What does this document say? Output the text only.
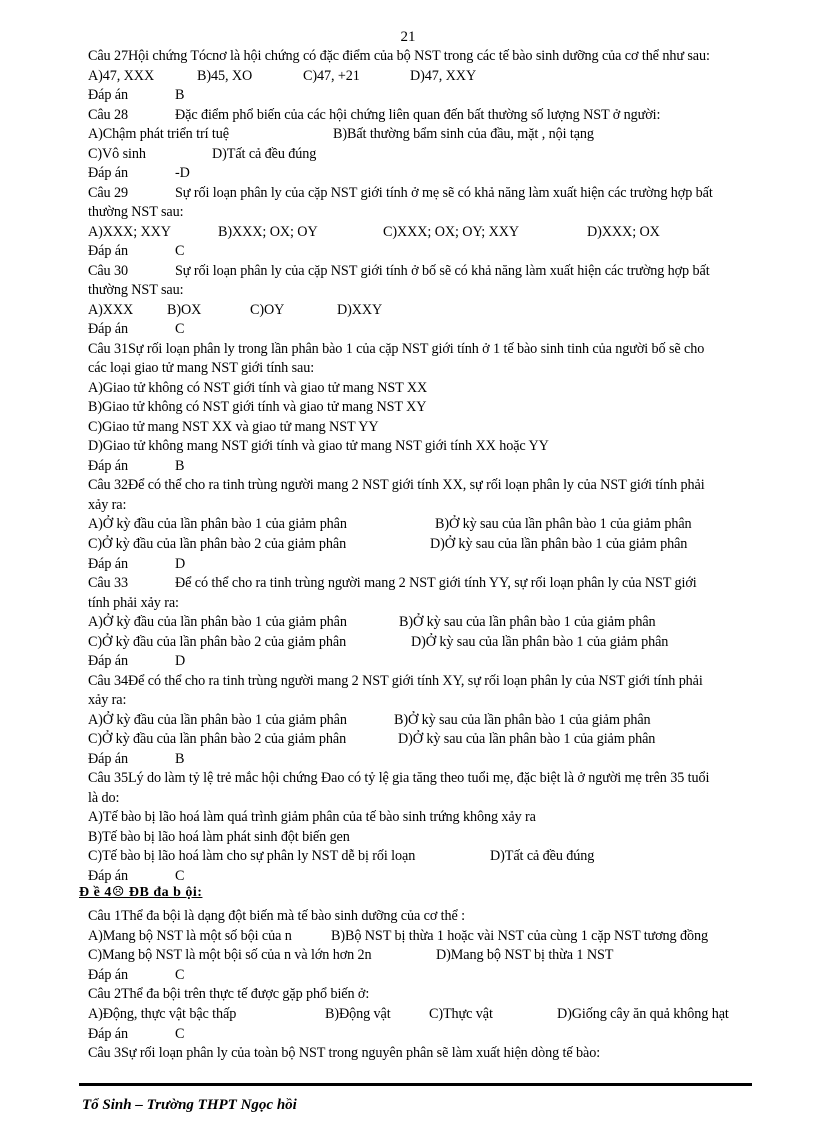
21
Câu 27Hội chứng Tócnơ là hội chứng có đặc điểm của bộ NST trong các tế bào sinh dưỡng của cơ thể như sau:
A)47, XXX	B)45, XO	C)47, +21	D)47, XXY
Đáp án	B
Câu 28	Đặc điểm phổ biến của các hội chứng liên quan đến bất thường số lượng NST ở người:
A)Chậm phát triển trí tuệ	B)Bất thường bẩm sinh của đầu, mặt , nội tạng
C)Vô sinh	D)Tất cả đều đúng
Đáp án	-D
Câu 29	Sự rối loạn phân ly của cặp NST giới tính ở mẹ sẽ có khả năng làm xuất hiện các trường hợp bất
thường NST sau:
A)XXX; XXY	B)XXX; OX; OY	C)XXX; OX; OY; XXY	D)XXX; OX
Đáp án	C
Câu 30	Sự rối loạn phân ly của cặp NST giới tính ở bố sẽ có khả năng làm xuất hiện các trường hợp bất
thường NST sau:
A)XXX B)OX	C)OY	D)XXY
Đáp án	C
Câu 31Sự rối loạn phân ly trong lần phân bào 1 của cặp NST giới tính ở 1 tế bào sinh tinh của người bố sẽ cho
các loại giao tử mang NST giới tính sau:
A)Giao tử không có NST giới tính và giao tử mang NST XX
B)Giao tử không có NST giới tính và giao tử mang NST XY
C)Giao tử mang NST XX và giao tử mang NST YY
D)Giao tử không mang NST giới tính và giao tử mang NST giới tính XX hoặc YY
Đáp án	B
Câu 32Để có thể cho ra tinh trùng người mang 2 NST giới tính XX, sự rối loạn phân ly của NST giới tính phải
xảy ra:
A)Ở kỳ đầu của lần phân bào 1 của giảm phân	B)Ở kỳ sau của lần phân bào 1 của giảm phân
C)Ở kỳ đầu của lần phân bào 2 của giảm phân	D)Ở kỳ sau của lần phân bào 1 của giảm phân
Đáp án	D
Câu 33	Để có thể cho ra tinh trùng người mang 2 NST giới tính YY, sự rối loạn phân ly của NST giới
tính phải xảy ra:
A)Ở kỳ đầu của lần phân bào 1 của giảm phân	B)Ở kỳ sau của lần phân bào 1 của giảm phân
C)Ở kỳ đầu của lần phân bào 2 của giảm phân	D)Ở kỳ sau của lần phân bào 1 của giảm phân
Đáp án	D
Câu 34Để có thể cho ra tinh trùng người mang 2 NST giới tính XY, sự rối loạn phân ly của NST giới tính phải
xảy ra:
A)Ở kỳ đầu của lần phân bào 1 của giảm phân	B)Ở kỳ sau của lần phân bào 1 của giảm phân
C)Ở kỳ đầu của lần phân bào 2 của giảm phân	D)Ở kỳ sau của lần phân bào 1 của giảm phân
Đáp án	B
Câu 35Lý do làm tỷ lệ trẻ mắc hội chứng Đao có tỷ lệ gia tăng theo tuổi mẹ, đặc biệt là ở người mẹ trên 35 tuổi
là do:
A)Tế bào bị lão hoá làm quá trình giảm phân của tế bào sinh trứng không xảy ra
B)Tế bào bị lão hoá làm phát sinh đột biến gen
C)Tế bào bị lão hoá làm cho sự phân ly NST dễ bị rối loạn	D)Tất cả đều đúng
Đáp án	C
Câu 1Thể đa bội là dạng đột biến mà tế bào sinh dưỡng của cơ thể :
A)Mang bộ NST là một số bội của n	B)Bộ NST bị thừa 1 hoặc vài NST của cùng 1 cặp NST tương đồng
C)Mang bộ NST là một bội số của n và lớn hơn 2n	D)Mang bộ NST bị thừa 1 NST
Đáp án	C
Câu 2Thể đa bội trên thực tế được gặp phổ biến ở:
A)Động, thực vật bậc thấp	B)Động vật	C)Thực vật	D)Giống cây ăn quả không hạt
Đáp án	C
Câu 3Sự rối loạn phân ly của toàn bộ NST trong nguyên phân sẽ làm xuất hiện dòng tế bào:
Đ ề 4☹ ĐB đa b ội:
Tổ Sinh – Trường THPT Ngọc hồi
